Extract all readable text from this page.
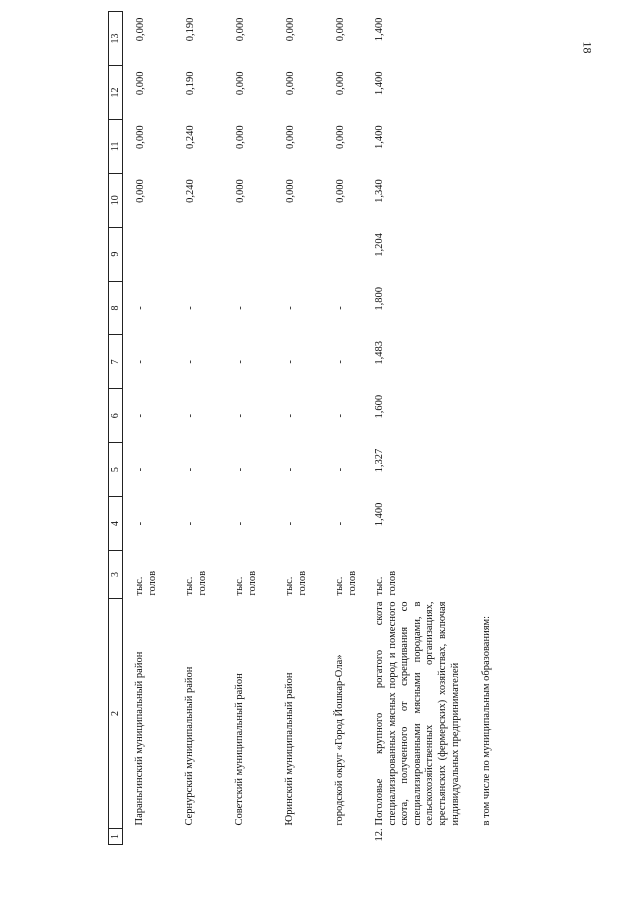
18
1	2	3	4	5	6	7	8	9	10	11	12	13
	Параньгинский муниципальный район	тыс. голов	-	-	-	-	-		0,000	0,000	0,000	0,000
	Сернурский муниципальный район	тыс. голов	-	-	-	-	-		0,240	0,240	0,190	0,190
	Советский муниципальный район	тыс. голов	-	-	-	-	-		0,000	0,000	0,000	0,000
	Юринский муниципальный район	тыс. голов	-	-	-	-	-		0,000	0,000	0,000	0,000
	городской округ «Город Йошкар-Ола»	тыс. голов	-	-	-	-	-		0,000	0,000	0,000	0,000
12.	Поголовье крупного рогатого скота специализированных мясных пород и помесного скота, полученного от скрещивания со специализированными мясными породами, в сельскохозяйственных организациях, крестьянских (фермерских) хозяйствах, включая индивидуальных предпринимателей	тыс. голов	1,400	1,327	1,600	1,483	1,800	1,204	1,340	1,400	1,400	1,400
	в том числе по муниципальным образованиям:											
